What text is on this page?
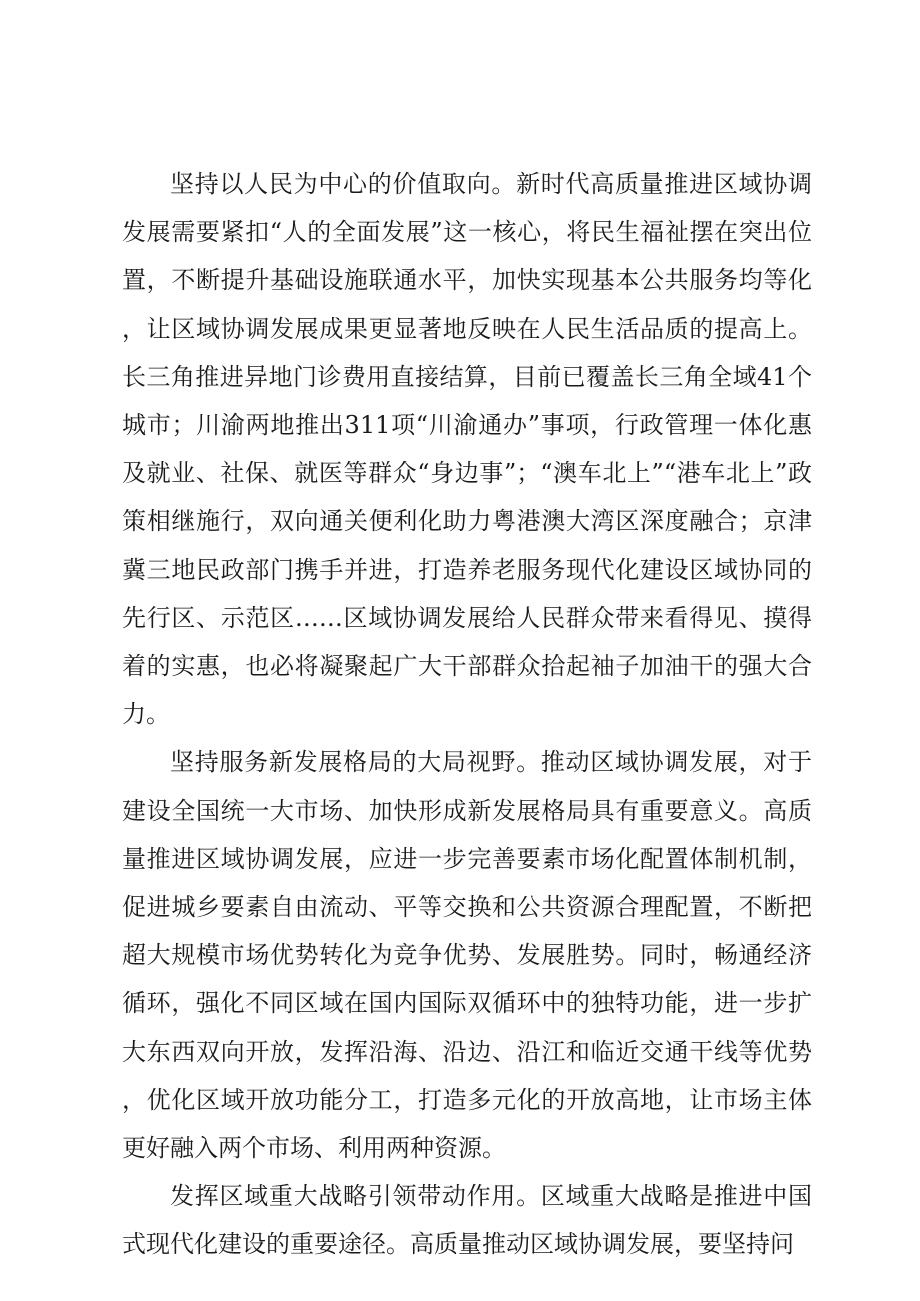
坚持以人民为中心的价值取向。新时代高质量推进区域协调发展需要紧扣“人的全面发展”这一核心，将民生福祉摆在突出位置，不断提升基础设施联通水平，加快实现基本公共服务均等化，让区域协调发展成果更显著地反映在人民生活品质的提高上。长三角推进异地门诊费用直接结算，目前已覆盖长三角全域41个城市；川渝两地推出311项“川渝通办”事项，行政管理一体化惠及就业、社保、就医等群众“身边事”；“澳车北上”“港车北上”政策相继施行，双向通关便利化助力粤港澳大湾区深度融合；京津冀三地民政部门携手并进，打造养老服务现代化建设区域协同的先行区、示范区……区域协调发展给人民群众带来看得见、摸得着的实惠，也必将凝聚起广大干部群众拾起袖子加油干的强大合力。

坚持服务新发展格局的大局视野。推动区域协调发展，对于建设全国统一大市场、加快形成新发展格局具有重要意义。高质量推进区域协调发展，应进一步完善要素市场化配置体制机制，促进城乡要素自由流动、平等交换和公共资源合理配置，不断把超大规模市场优势转化为竞争优势、发展胜势。同时，畅通经济循环，强化不同区域在国内国际双循环中的独特功能，进一步扩大东西双向开放，发挥沿海、沿边、沿江和临近交通干线等优势，优化区域开放功能分工，打造多元化的开放高地，让市场主体更好融入两个市场、利用两种资源。

发挥区域重大战略引领带动作用。区域重大战略是推进中国式现代化建设的重要途径。高质量推动区域协调发展，要坚持问
